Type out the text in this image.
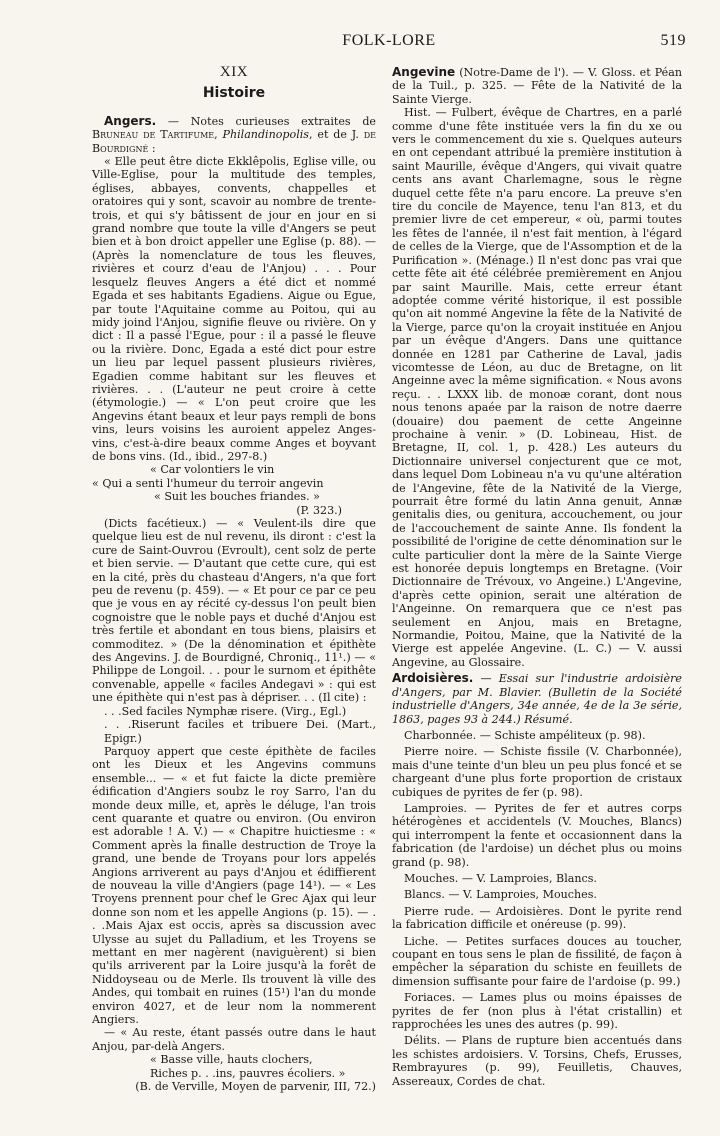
FOLK-LORE	519
XIX
Histoire

Angers. — Notes curieuses extraites de Bruneau de Tartifume, Philandinopolis, et de J. de Bourdigné :

« Elle peut être dicte Ekklêpolis, Eglise ville, ou Ville-Eglise, pour la multitude des temples, églises, abbayes, convents, chappelles et oratoires qui y sont, scavoir au nombre de trente-trois, et qui s'y bâtissent de jour en jour en si grand nombre que toute la ville d'Angers se peut bien et à bon droict appeller une Eglise (p. 88). — (Après la nomenclature de tous les fleuves, rivières et courz d'eau de l'Anjou) . . . Pour lesquelz fleuves Angers a été dict et nommé Egada et ses habitants Egadiens. Aigue ou Egue, par toute l'Aquitaine comme au Poitou, qui au midy joind l'Anjou, signifie fleuve ou rivière. On y dict : Il a passé l'Egue, pour : il a passé le fleuve ou la rivière. Donc, Egada a esté dict pour estre un lieu par lequel passent plusieurs rivières, Egadien comme habitant sur les fleuves et rivières. . . (L'auteur ne peut croire à cette (étymologie.) — « L'on peut croire que les Angevins étant beaux et leur pays rempli de bons vins, leurs voisins les auroient appelez Anges-vins, c'est-à-dire beaux comme Anges et boyvant de bons vins. (Id., ibid., 297-8.)

« Car volontiers le vin

« Qui a senti l'humeur du terroir angevin

« Suit les bouches friandes. »

(P. 323.)

(Dicts facétieux.) — « Veulent-ils dire que quelque lieu est de nul revenu, ils diront : c'est la cure de Saint-Ouvrou (Evroult), cent solz de perte et bien servie. — D'autant que cette cure, qui est en la cité, près du chasteau d'Angers, n'a que fort peu de revenu (p. 459). — « Et pour ce par ce peu que je vous en ay récité cy-dessus l'on peult bien cognoistre que le noble pays et duché d'Anjou est très fertile et abondant en tous biens, plaisirs et commoditez. » (De la dénomination et épithète des Angevins. J. de Bourdigné, Chroniq., 11¹.) — « Philippe de Longoil. . . pour le surnom et épithête convenable, appelle « faciles Andegavi » : qui est une épithète qui n'est pas à dépriser. . . (Il cite) :

. . .Sed faciles Nymphæ risere. (Virg., Egl.)

. . .Riserunt faciles et tribuere Dei. (Mart., Epigr.)

Parquoy appert que ceste épithète de faciles ont les Dieux et les Angevins communs ensemble... — « et fut faicte la dicte première édification d'Angiers soubz le roy Sarro, l'an du monde deux mille, et, après le déluge, l'an trois cent quarante et quatre ou environ. (Ou environ est adorable ! A. V.) — « Chapitre huictiesme : « Comment après la finalle destruction de Troye la grand, une bende de Troyans pour lors appelés Angions arriverent au pays d'Anjou et édiffierent de nouveau la ville d'Angiers (page 14¹). — « Les Troyens prennent pour chef le Grec Ajax qui leur donne son nom et les appelle Angions (p. 15). — . . .Mais Ajax est occis, après sa discussion avec Ulysse au sujet du Palladium, et les Troyens se mettant en mer nagèrent (naviguèrent) si bien qu'ils arriverent par la Loire jusqu'à la forêt de Niddoyseau ou de Merle. Ils trouvent là ville des Andes, qui tombait en ruines (15¹) l'an du monde environ 4027, et de leur nom la nommerent Angiers.

— « Au reste, étant passés outre dans le haut Anjou, par-delà Angers.

« Basse ville, hauts clochers,

Riches p. . .ins, pauvres écoliers. »

(B. de Verville, Moyen de parvenir, III, 72.)

Angevine (Notre-Dame de l'). — V. Gloss. et Péan de la Tuil., p. 325. — Fête de la Nativité de la Sainte Vierge.

Hist. — Fulbert, évêque de Chartres, en a parlé comme d'une fête instituée vers la fin du xe ou vers le commencement du xie s. Quelques auteurs en ont cependant attribué la première institution à saint Maurille, évêque d'Angers, qui vivait quatre cents ans avant Charlemagne, sous le règne duquel cette fête n'a paru encore. La preuve s'en tire du concile de Mayence, tenu l'an 813, et du premier livre de cet empereur, « où, parmi toutes les fêtes de l'année, il n'est fait mention, à l'égard de celles de la Vierge, que de l'Assomption et de la Purification ». (Ménage.) Il n'est donc pas vrai que cette fête ait été célébrée premièrement en Anjou par saint Maurille. Mais, cette erreur étant adoptée comme vérité historique, il est possible qu'on ait nommé Angevine la fête de la Nativité de la Vierge, parce qu'on la croyait instituée en Anjou par un évêque d'Angers. Dans une quittance donnée en 1281 par Catherine de Laval, jadis vicomtesse de Léon, au duc de Bretagne, on lit Angeinne avec la même signification. « Nous avons reçu. . . LXXX lib. de monoæ corant, dont nous nous tenons apaée par la raison de notre daerre (douaire) dou paement de cette Angeinne prochaine à venir. » (D. Lobineau, Hist. de Bretagne, II, col. 1, p. 428.) Les auteurs du Dictionnaire universel conjecturent que ce mot, dans lequel Dom Lobineau n'a vu qu'une altération de l'Angevine, fête de la Nativité de la Vierge, pourrait être formé du latin Anna genuit, Annæ genitalis dies, ou genitura, accouchement, ou jour de l'accouchement de sainte Anne. Ils fondent la possibilité de l'origine de cette dénomination sur le culte particulier dont la mère de la Sainte Vierge est honorée depuis longtemps en Bretagne. (Voir Dictionnaire de Trévoux, vo Angeine.) L'Angevine, d'après cette opinion, serait une altération de l'Angeinne. On remarquera que ce n'est pas seulement en Anjou, mais en Bretagne, Normandie, Poitou, Maine, que la Nativité de la Vierge est appelée Angevine. (L. C.) — V. aussi Angevine, au Glossaire.

Ardoisières. — Essai sur l'industrie ardoisière d'Angers, par M. Blavier. (Bulletin de la Société industrielle d'Angers, 34e année, 4e de la 3e série, 1863, pages 93 à 244.) Résumé.

Charbonnée. — Schiste ampéliteux (p. 98).

Pierre noire. — Schiste fissile (V. Charbonnée), mais d'une teinte d'un bleu un peu plus foncé et se chargeant d'une plus forte proportion de cristaux cubiques de pyrites de fer (p. 98).

Lamproies. — Pyrites de fer et autres corps hétérogènes et accidentels (V. Mouches, Blancs) qui interrompent la fente et occasionnent dans la fabrication (de l'ardoise) un déchet plus ou moins grand (p. 98).

Mouches. — V. Lamproies, Blancs.

Blancs. — V. Lamproies, Mouches.

Pierre rude. — Ardoisières. Dont le pyrite rend la fabrication difficile et onéreuse (p. 99).

Liche. — Petites surfaces douces au toucher, coupant en tous sens le plan de fissilité, de façon à empêcher la séparation du schiste en feuillets de dimension suffisante pour faire de l'ardoise (p. 99.)

Foriaces. — Lames plus ou moins épaisses de pyrites de fer (non plus à l'état cristallin) et rapprochées les unes des autres (p. 99).

Délits. — Plans de rupture bien accentués dans les schistes ardoisiers. V. Torsins, Chefs, Erusses, Rembrayures (p. 99), Feuilletis, Chauves, Assereaux, Cordes de chat.
